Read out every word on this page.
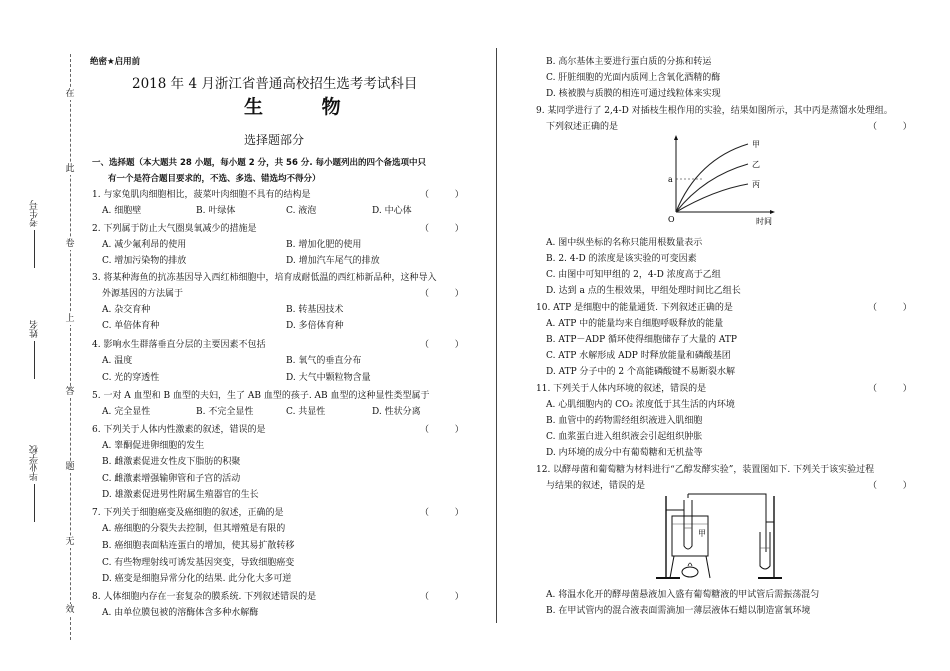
在
此
卷
上
答
题
无
效
考生号
姓名
毕业学校
绝密★启用前
2018 年 4 月浙江省普通高校招生选考考试科目
生 物
选择题部分
一、选择题（本大题共 28 小题，每小题 2 分，共 56 分. 每小题列出的四个备选项中只
有一个是符合题目要求的，不选、多选、错选均不得分）
1. 与家兔肌肉细胞相比，菠菜叶肉细胞不具有的结构是	（         ）
A. 细胞壁	B. 叶绿体	C. 液泡	D. 中心体
2. 下列属于防止大气圈臭氧减少的措施是	（         ）
A. 减少氟利昂的使用	B. 增加化肥的使用
C. 增加污染物的排放	D. 增加汽车尾气的排放
3. 将某种海鱼的抗冻基因导入西红柿细胞中，培育成耐低温的西红柿新品种，这种导入
外源基因的方法属于	（         ）
A. 杂交育种	B. 转基因技术
C. 单倍体育种	D. 多倍体育种
4. 影响水生群落垂直分层的主要因素不包括	（         ）
A. 温度	B. 氧气的垂直分布
C. 光的穿透性	D. 大气中颗粒物含量
5. 一对 A 血型和 B 血型的夫妇，生了 AB 血型的孩子. AB 血型的这种显性类型属于
A. 完全显性	B. 不完全显性	C. 共显性	D. 性状分离
6. 下列关于人体内性激素的叙述，错误的是	（         ）
A. 睾酮促进卵细胞的发生
B. 雌激素促进女性皮下脂肪的积聚
C. 雌激素增强输卵管和子宫的活动
D. 雄激素促进男性附属生殖器官的生长
7. 下列关于细胞癌变及癌细胞的叙述，正确的是	（         ）
A. 癌细胞的分裂失去控制，但其增殖是有限的
B. 癌细胞表面粘连蛋白的增加，使其易扩散转移
C. 有些物理射线可诱发基因突变，导致细胞癌变
D. 癌变是细胞异常分化的结果. 此分化大多可逆
8. 人体细胞内存在一套复杂的膜系统. 下列叙述错误的是	（         ）
A. 由单位膜包被的溶酶体含多种水解酶
B. 高尔基体主要进行蛋白质的分拣和转运
C. 肝脏细胞的光面内质网上含氧化酒精的酶
D. 核被膜与质膜的相连可通过线粒体来实现
9. 某同学进行了 2,4-D 对插枝生根作用的实验，结果如图所示，其中丙是蒸馏水处理组。
下列叙述正确的是	（         ）
a
O	时间
甲
乙
丙
A. 图中纵坐标的名称只能用根数量表示
B. 2. 4-D 的浓度是该实验的可变因素
C. 由图中可知甲组的 2，4-D 浓度高于乙组
D. 达到 a 点的生根效果，甲组处理时间比乙组长
10. ATP 是细胞中的能量通货. 下列叙述正确的是	（         ）
A. ATP 中的能量均来自细胞呼吸释放的能量
B. ATP－ADP 循环使得细胞储存了大量的 ATP
C. ATP 水解形成 ADP 时释放能量和磷酸基团
D. ATP 分子中的 2 个高能磷酸键不易断裂水解
11. 下列关于人体内环境的叙述，错误的是	（         ）
A. 心肌细胞内的 CO₂ 浓度低于其生活的内环境
B. 血管中的药物需经组织液进入肌细胞
C. 血浆蛋白进入组织液会引起组织肿胀
D. 内环境的成分中有葡萄糖和无机盐等
12. 以酵母菌和葡萄糖为材料进行“乙醇发酵实验”，装置图如下. 下列关于该实验过程
与结果的叙述，错误的是	（         ）
甲
A. 将温水化开的酵母菌悬液加入盛有葡萄糖液的甲试管后需振荡混匀
B. 在甲试管内的混合液表面需滴加一薄层液体石蜡以制造富氧环境
